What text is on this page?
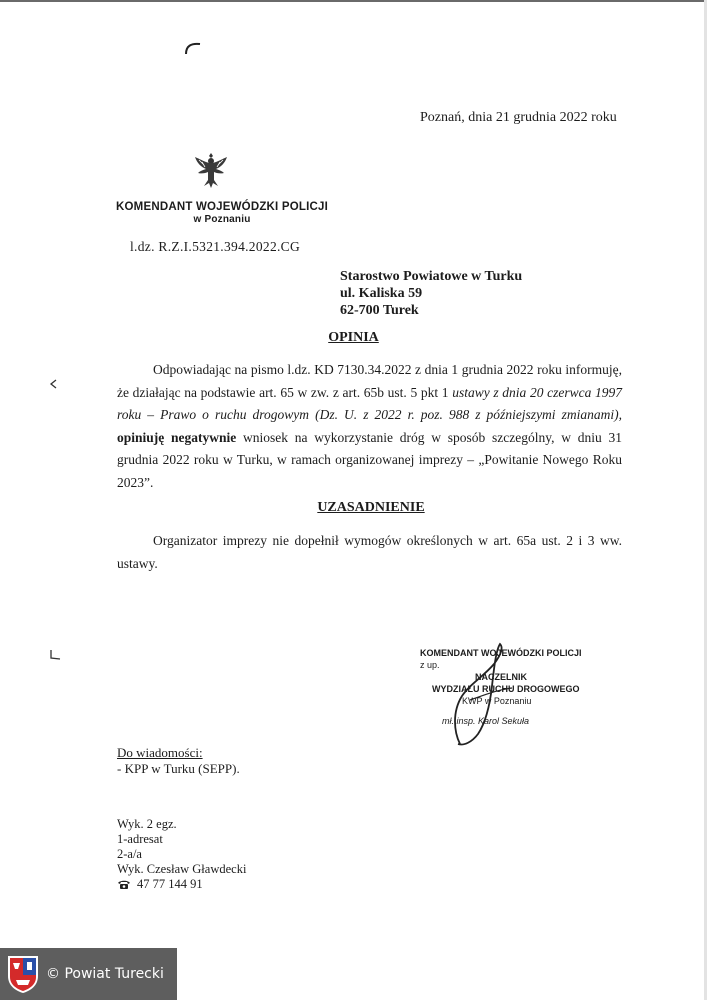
Poznań, dnia 21 grudnia 2022 roku
KOMENDANT WOJEWÓDZKI POLICJI
w Poznaniu
l.dz. R.Z.I.5321.394.2022.CG
Starostwo Powiatowe w Turku
ul. Kaliska 59
62-700 Turek
OPINIA

Odpowiadając na pismo l.dz. KD 7130.34.2022 z dnia 1 grudnia 2022 roku informuję, że działając na podstawie art. 65 w zw. z art. 65b ust. 5 pkt 1 ustawy z dnia 20 czerwca 1997 roku – Prawo o ruchu drogowym (Dz. U. z 2022 r. poz. 988 z późniejszymi zmianami), opiniuję negatywnie wniosek na wykorzystanie dróg w sposób szczególny, w dniu 31 grudnia 2022 roku w Turku, w ramach organizowanej imprezy – „Powitanie Nowego Roku 2023”.

UZASADNIENIE

Organizator imprezy nie dopełnił wymogów określonych w art. 65a ust. 2 i 3 ww. ustawy.

KOMENDANT WOJEWÓDZKI POLICJI
z up.
NACZELNIK
WYDZIAŁU RUCHU DROGOWEGO
KWP w Poznaniu
mł. insp. Karol Sekuła
Do wiadomości:
- KPP w Turku (SEPP).
Wyk. 2 egz.
1-adresat
2-a/a
Wyk. Czesław Gławdecki
47 77 144 91
© Powiat Turecki
